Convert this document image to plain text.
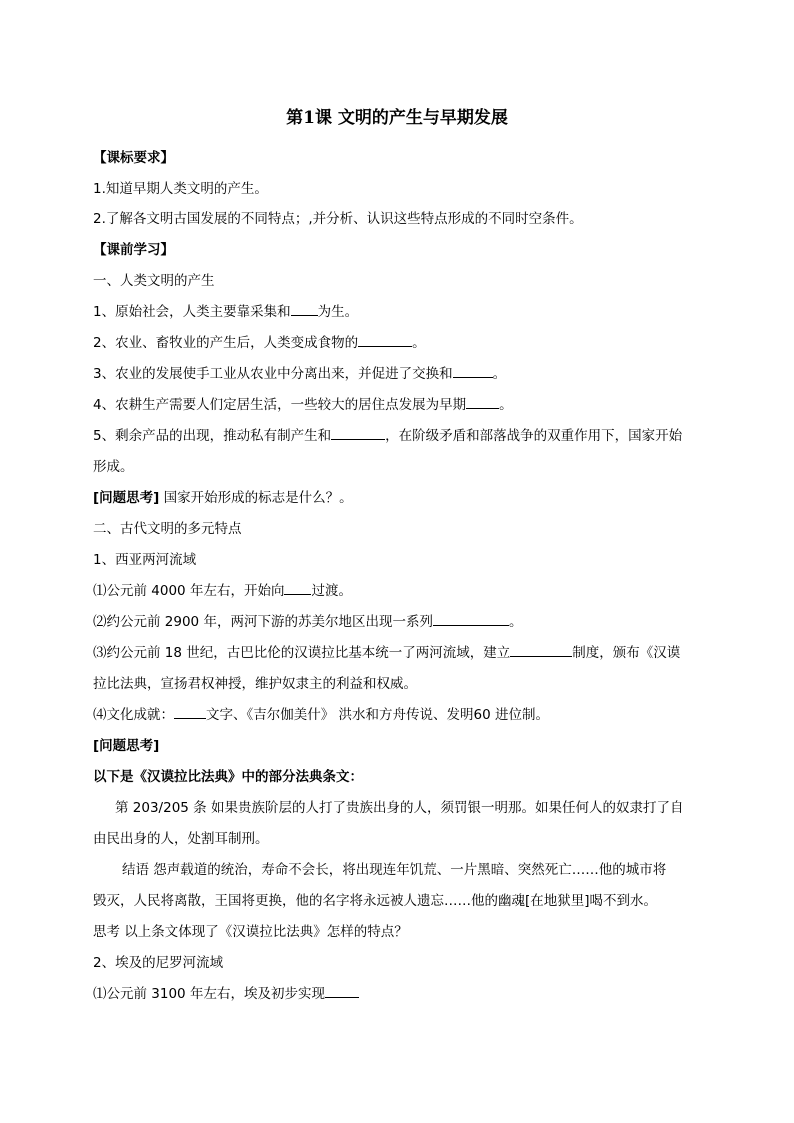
第1课 文明的产生与早期发展
【课标要求】
1.知道早期人类文明的产生。
2.了解各文明古国发展的不同特点；,并分析、认识这些特点形成的不同时空条件。
【课前学习】
一、人类文明的产生
1、原始社会，人类主要靠采集和 为生。
2、农业、畜牧业的产生后，人类变成食物的	。
3、农业的发展使手工业从农业中分离出来，并促进了交换和	。
4、农耕生产需要人们定居生活，一些较大的居住点发展为早期 。
5、剩余产品的出现，推动私有制产生和	，在阶级矛盾和部落战争的双重作用下，国家开始
形成。
[问题思考] 国家开始形成的标志是什么？。
二、古代文明的多元特点
1、西亚两河流域
⑴公元前 4000 年左右，开始向 过渡。
⑵约公元前 2900 年，两河下游的苏美尔地区出现一系列	。
⑶约公元前 18 世纪，古巴比伦的汉谟拉比基本统一了两河流域，建立	制度，颁布《汉谟
拉比法典，宣扬君权神授，维护奴隶主的利益和权威。
⑷文化成就： 文字、《吉尔伽美什》 洪水和方舟传说、发明60 进位制。
[问题思考]
以下是《汉谟拉比法典》中的部分法典条文：
第 203/205 条 如果贵族阶层的人打了贵族出身的人，须罚银一明那。如果任何人的奴隶打了自
由民出身的人，处割耳制刑。
结语 怨声载道的统治，寿命不会长，将出现连年饥荒、一片黑暗、突然死亡……他的城市将
毁灭，人民将离散，王国将更换，他的名字将永远被人遗忘……他的幽魂[在地狱里]喝不到水。
思考 以上条文体现了《汉谟拉比法典》怎样的特点？
2、埃及的尼罗河流域
⑴公元前 3100 年左右，埃及初步实现
